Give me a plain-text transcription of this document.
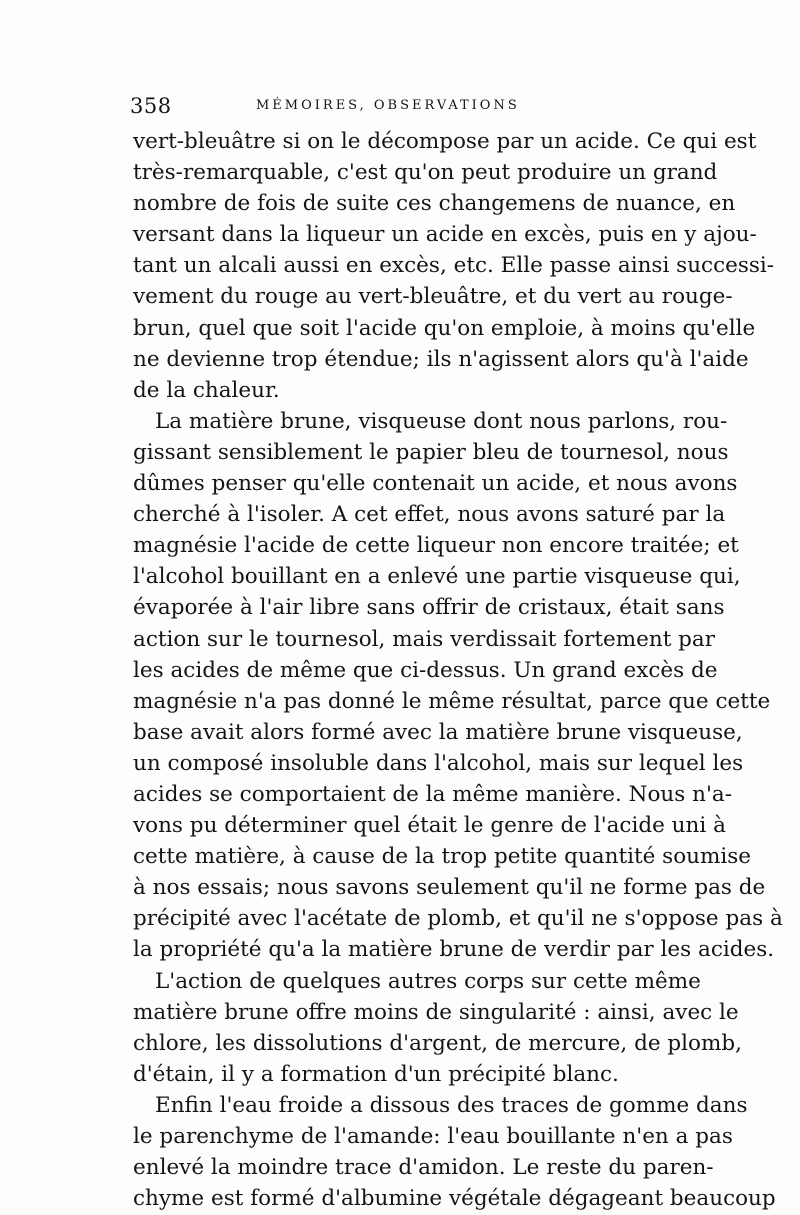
358	MÉMOIRES, OBSERVATIONS
vert-bleuâtre si on le décompose par un acide. Ce qui est
très-remarquable, c'est qu'on peut produire un grand
nombre de fois de suite ces changemens de nuance, en
versant dans la liqueur un acide en excès, puis en y ajou-
tant un alcali aussi en excès, etc. Elle passe ainsi successi-
vement du rouge au vert-bleuâtre, et du vert au rouge-
brun, quel que soit l'acide qu'on emploie, à moins qu'elle
ne devienne trop étendue; ils n'agissent alors qu'à l'aide
de la chaleur.
La matière brune, visqueuse dont nous parlons, rou-
gissant sensiblement le papier bleu de tournesol, nous
dûmes penser qu'elle contenait un acide, et nous avons
cherché à l'isoler. A cet effet, nous avons saturé par la
magnésie l'acide de cette liqueur non encore traitée; et
l'alcohol bouillant en a enlevé une partie visqueuse qui,
évaporée à l'air libre sans offrir de cristaux, était sans
action sur le tournesol, mais verdissait fortement par
les acides de même que ci-dessus. Un grand excès de
magnésie n'a pas donné le même résultat, parce que cette
base avait alors formé avec la matière brune visqueuse,
un composé insoluble dans l'alcohol, mais sur lequel les
acides se comportaient de la même manière. Nous n'a-
vons pu déterminer quel était le genre de l'acide uni à
cette matière, à cause de la trop petite quantité soumise
à nos essais; nous savons seulement qu'il ne forme pas de
précipité avec l'acétate de plomb, et qu'il ne s'oppose pas à
la propriété qu'a la matière brune de verdir par les acides.
L'action de quelques autres corps sur cette même
matière brune offre moins de singularité : ainsi, avec le
chlore, les dissolutions d'argent, de mercure, de plomb,
d'étain, il y a formation d'un précipité blanc.
Enfin l'eau froide a dissous des traces de gomme dans
le parenchyme de l'amande: l'eau bouillante n'en a pas
enlevé la moindre trace d'amidon. Le reste du paren-
chyme est formé d'albumine végétale dégageant beaucoup
